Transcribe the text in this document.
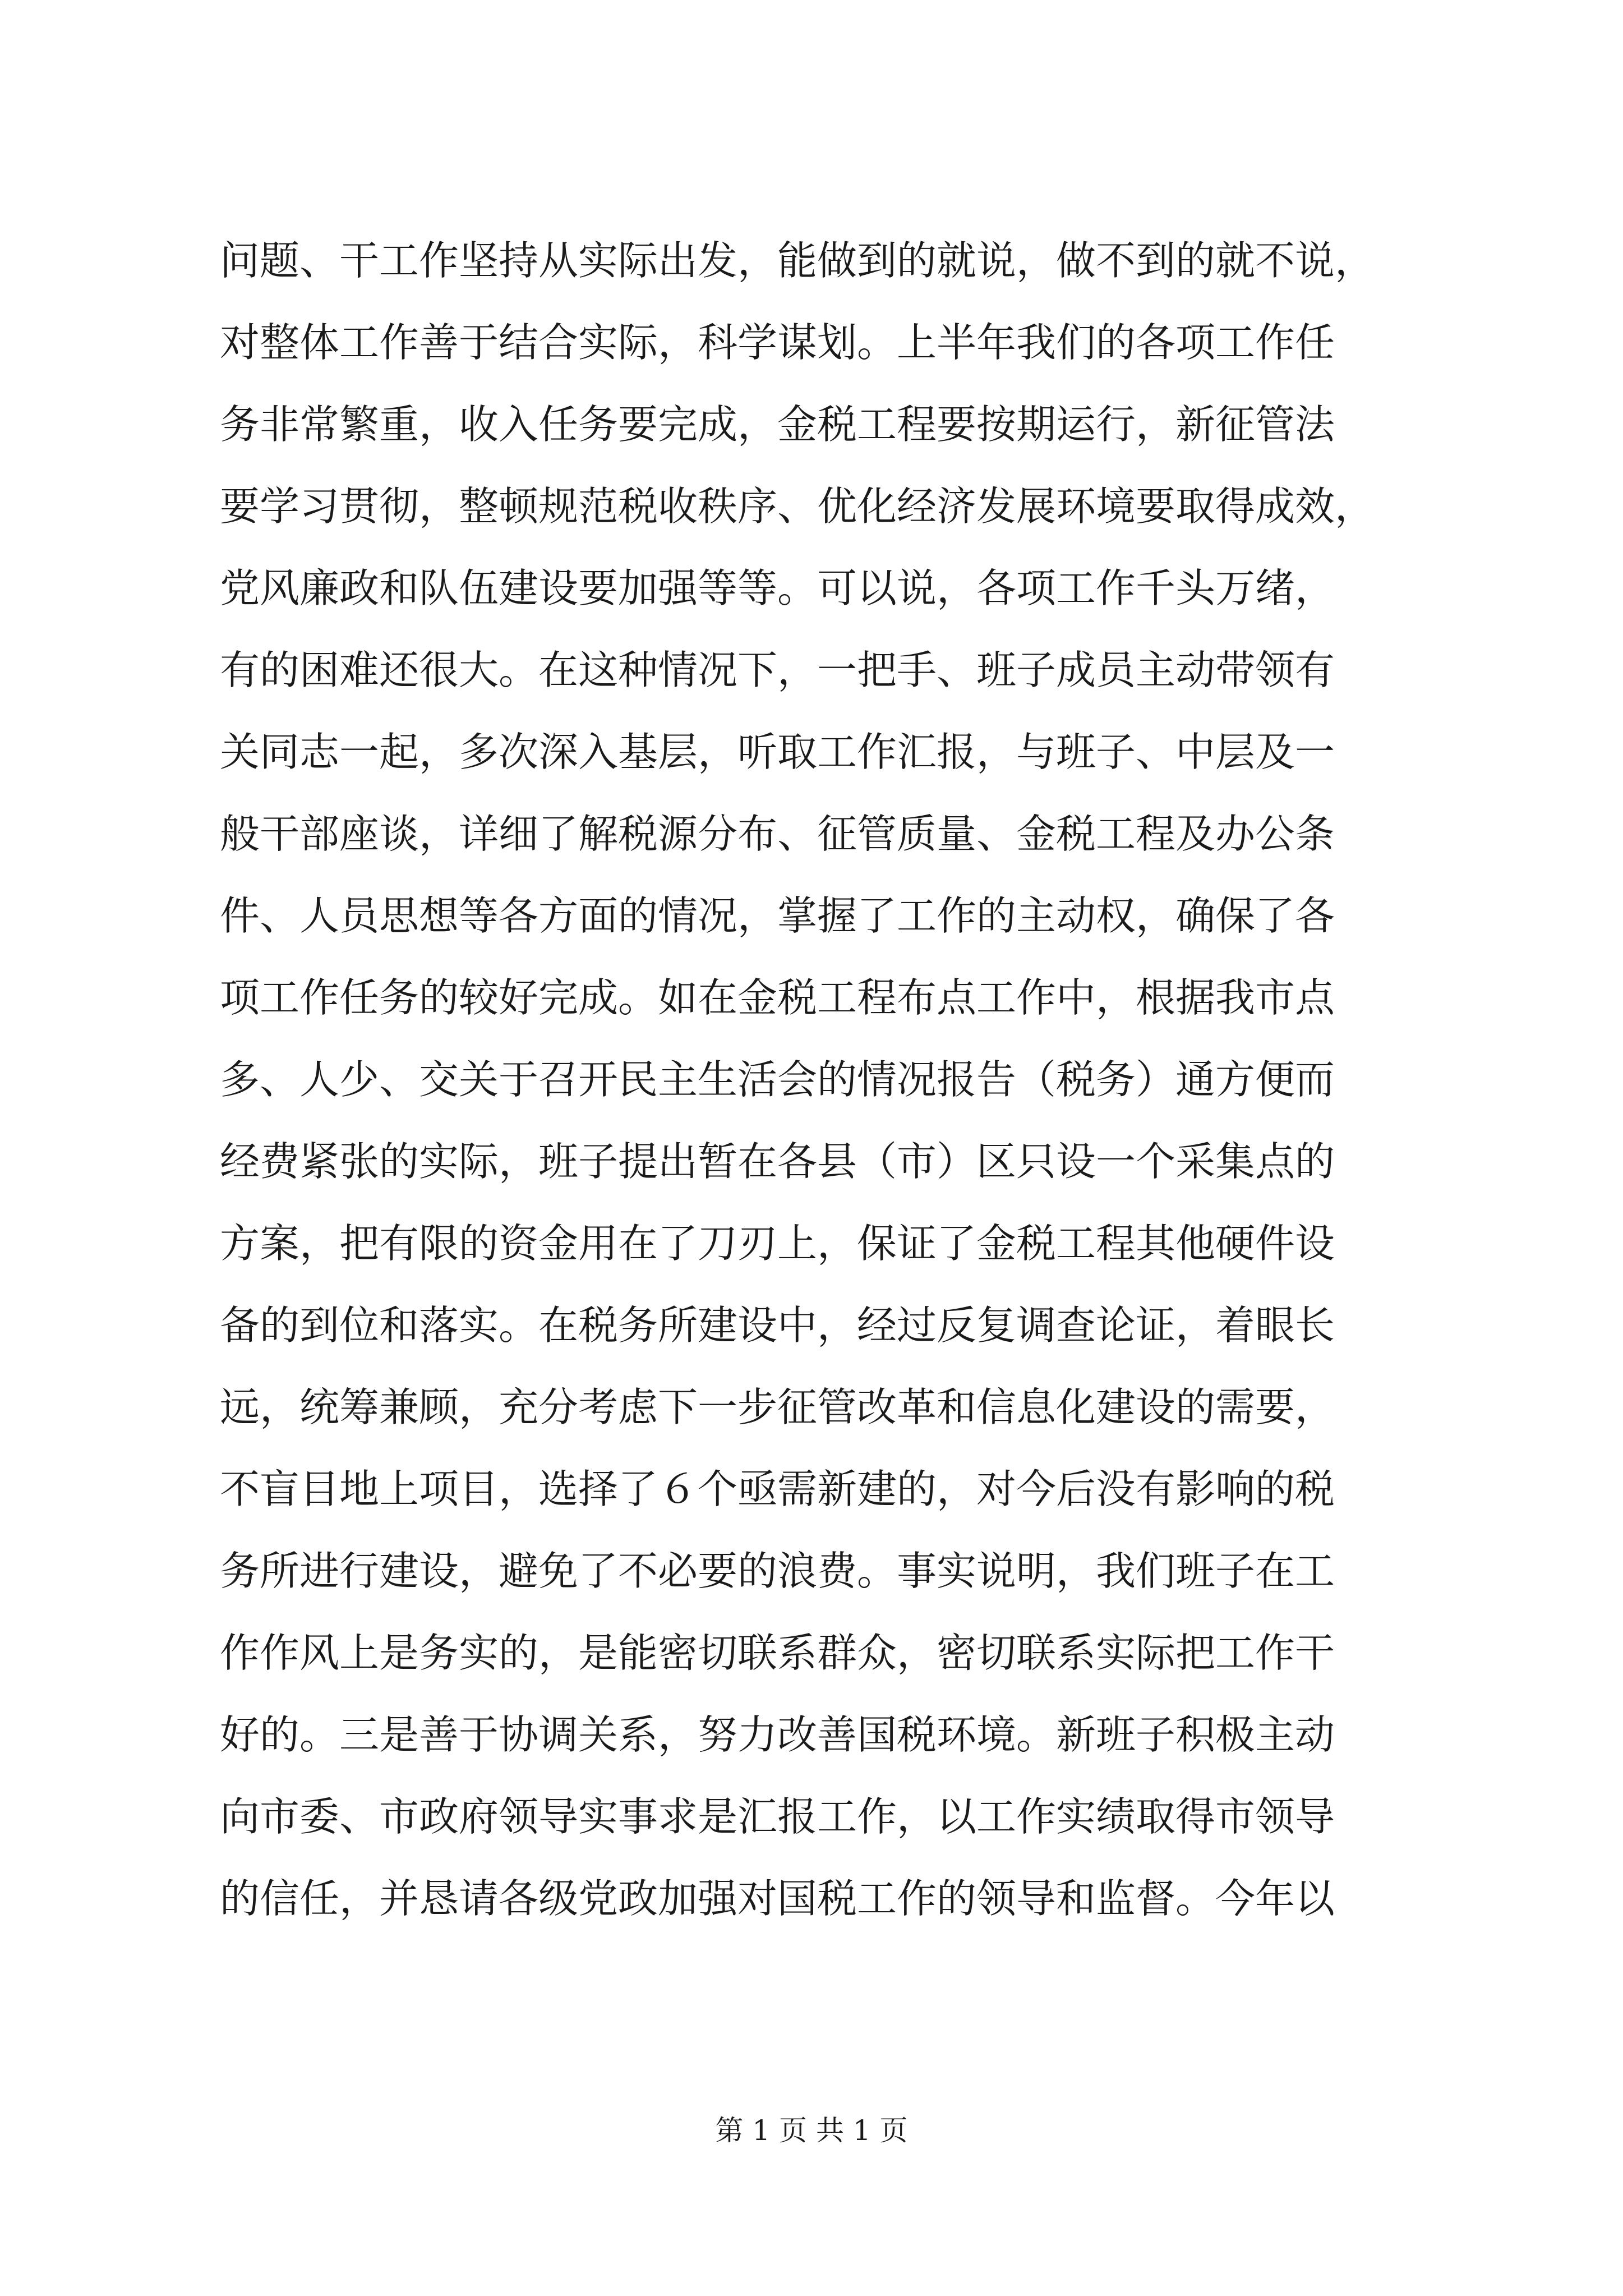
问题、干工作坚持从实际出发，能做到的就说，做不到的就不说，
对整体工作善于结合实际，科学谋划。上半年我们的各项工作任
务非常繁重，收入任务要完成，金税工程要按期运行，新征管法
要学习贯彻，整顿规范税收秩序、优化经济发展环境要取得成效，
党风廉政和队伍建设要加强等等。可以说，各项工作千头万绪，
有的困难还很大。在这种情况下，一把手、班子成员主动带领有
关同志一起，多次深入基层，听取工作汇报，与班子、中层及一
般干部座谈，详细了解税源分布、征管质量、金税工程及办公条
件、人员思想等各方面的情况，掌握了工作的主动权，确保了各
项工作任务的较好完成。如在金税工程布点工作中，根据我市点
多、人少、交关于召开民主生活会的情况报告（税务）通方便而
经费紧张的实际，班子提出暂在各县（市）区只设一个采集点的
方案，把有限的资金用在了刀刃上，保证了金税工程其他硬件设
备的到位和落实。在税务所建设中，经过反复调查论证，着眼长
远，统筹兼顾，充分考虑下一步征管改革和信息化建设的需要，
不盲目地上项目，选择了６个亟需新建的，对今后没有影响的税
务所进行建设，避免了不必要的浪费。事实说明，我们班子在工
作作风上是务实的，是能密切联系群众，密切联系实际把工作干
好的。三是善于协调关系，努力改善国税环境。新班子积极主动
向市委、市政府领导实事求是汇报工作，以工作实绩取得市领导
的信任，并恳请各级党政加强对国税工作的领导和监督。今年以
第 1 页 共 1 页
